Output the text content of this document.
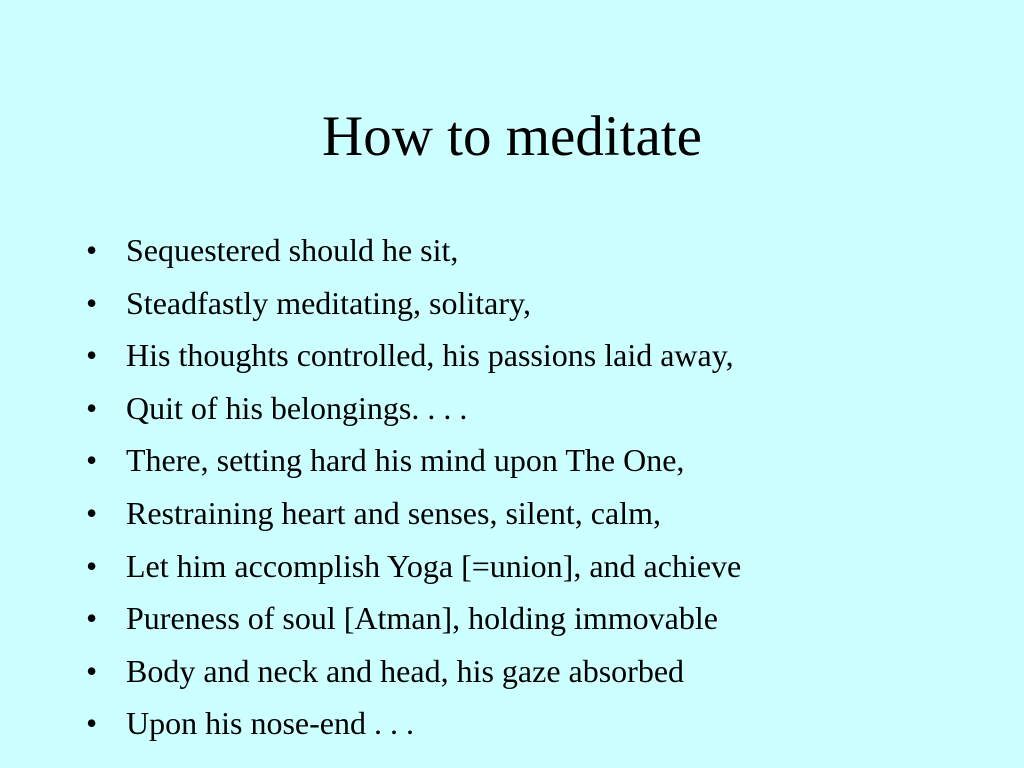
How to meditate
• Sequestered should he sit,
• Steadfastly meditating, solitary,
• His thoughts controlled, his passions laid away,
• Quit of his belongings. . . .
• There, setting hard his mind upon The One,
• Restraining heart and senses, silent, calm,
• Let him accomplish Yoga [=union], and achieve
• Pureness of soul [Atman], holding immovable
• Body and neck and head, his gaze absorbed
• Upon his nose-end . . .
